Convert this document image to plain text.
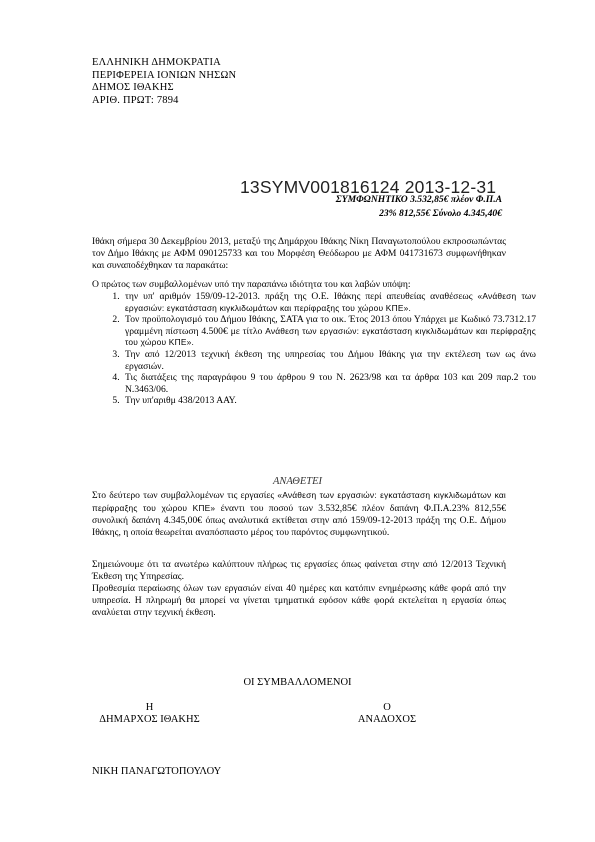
ΕΛΛΗΝΙΚΗ ΔΗΜΟΚΡΑΤΙΑ
ΠΕΡΙΦΕΡΕΙΑ ΙΟΝΙΩΝ ΝΗΣΩΝ
ΔΗΜΟΣ ΙΘΑΚΗΣ
ΑΡΙΘ. ΠΡΩΤ: 7894
13SYMV001816124 2013-12-31
ΣΥΜΦΩΝΗΤΙΚΟ 3.532,85€ πλέον Φ.Π.Α
23% 812,55€ Σύνολο 4.345,40€
Ιθάκη σήμερα 30 Δεκεμβρίου 2013, μεταξύ της Δημάρχου Ιθάκης Νίκη Παναγωτοπούλου εκπροσωπώντας τον Δήμο Ιθάκης με ΑΦΜ 090125733 και του Μορφέση Θεόδωρου με ΑΦΜ 041731673 συμφωνήθηκαν και συναποδέχθηκαν τα παρακάτω:
Ο πρώτος των συμβαλλομένων υπό την παραπάνω ιδιότητα του και λαβών υπόψη:
1. την υπ' αριθμόν 159/09-12-2013. πράξη της Ο.Ε. Ιθάκης περί απευθείας αναθέσεως «Ανάθεση των εργασιών: εγκατάσταση κιγκλιδωμάτων και περίφραξης του χώρου ΚΠΕ».
2. Τον προϋπολογισμό του Δήμου Ιθάκης, ΣΑΤΑ για το οικ. Έτος 2013 όπου Υπάρχει με Κωδικό 73.7312.17 γραμμένη πίστωση 4.500€ με τίτλο Ανάθεση των εργασιών: εγκατάσταση κιγκλιδωμάτων και περίφραξης του χώρου ΚΠΕ».
3. Την από 12/2013 τεχνική έκθεση της υπηρεσίας του Δήμου Ιθάκης για την εκτέλεση των ως άνω εργασιών.
4. Τις διατάξεις της παραγράφου 9 του άρθρου 9 του Ν. 2623/98 και τα άρθρα 103 και 209 παρ.2 του Ν.3463/06.
5. Την υπ'αριθμ 438/2013 ΑΑΥ.
ΑΝΑΘΕΤΕΙ
Στο δεύτερο των συμβαλλομένων τις εργασίες «Ανάθεση των εργασιών: εγκατάσταση κιγκλιδωμάτων και περίφραξης του χώρου ΚΠΕ» έναντι του ποσού των 3.532,85€ πλέον δαπάνη Φ.Π.Α.23% 812,55€ συνολική δαπάνη 4.345,00€ όπως αναλυτικά εκτίθεται στην από 159/09-12-2013 πράξη της Ο.Ε. Δήμου Ιθάκης, η οποία θεωρείται αναπόσπαστο μέρος του παρόντος συμφωνητικού.
Σημειώνουμε ότι τα ανωτέρω καλύπτουν πλήρως τις εργασίες όπως φαίνεται στην από 12/2013 Τεχνική Έκθεση της Υπηρεσίας.
Προθεσμία περαίωσης όλων των εργασιών είναι 40 ημέρες και κατόπιν ενημέρωσης κάθε φορά από την υπηρεσία. Η πληρωμή θα μπορεί να γίνεται τμηματικά εφόσον κάθε φορά εκτελείται η εργασία όπως αναλύεται στην τεχνική έκθεση.
ΟΙ ΣΥΜΒΑΛΛΟΜΕΝΟΙ
Η
ΔΗΜΑΡΧΟΣ ΙΘΑΚΗΣ
Ο
ΑΝΑΔΟΧΟΣ
ΝΙΚΗ ΠΑΝΑΓΩΤΟΠΟΥΛΟΥ
